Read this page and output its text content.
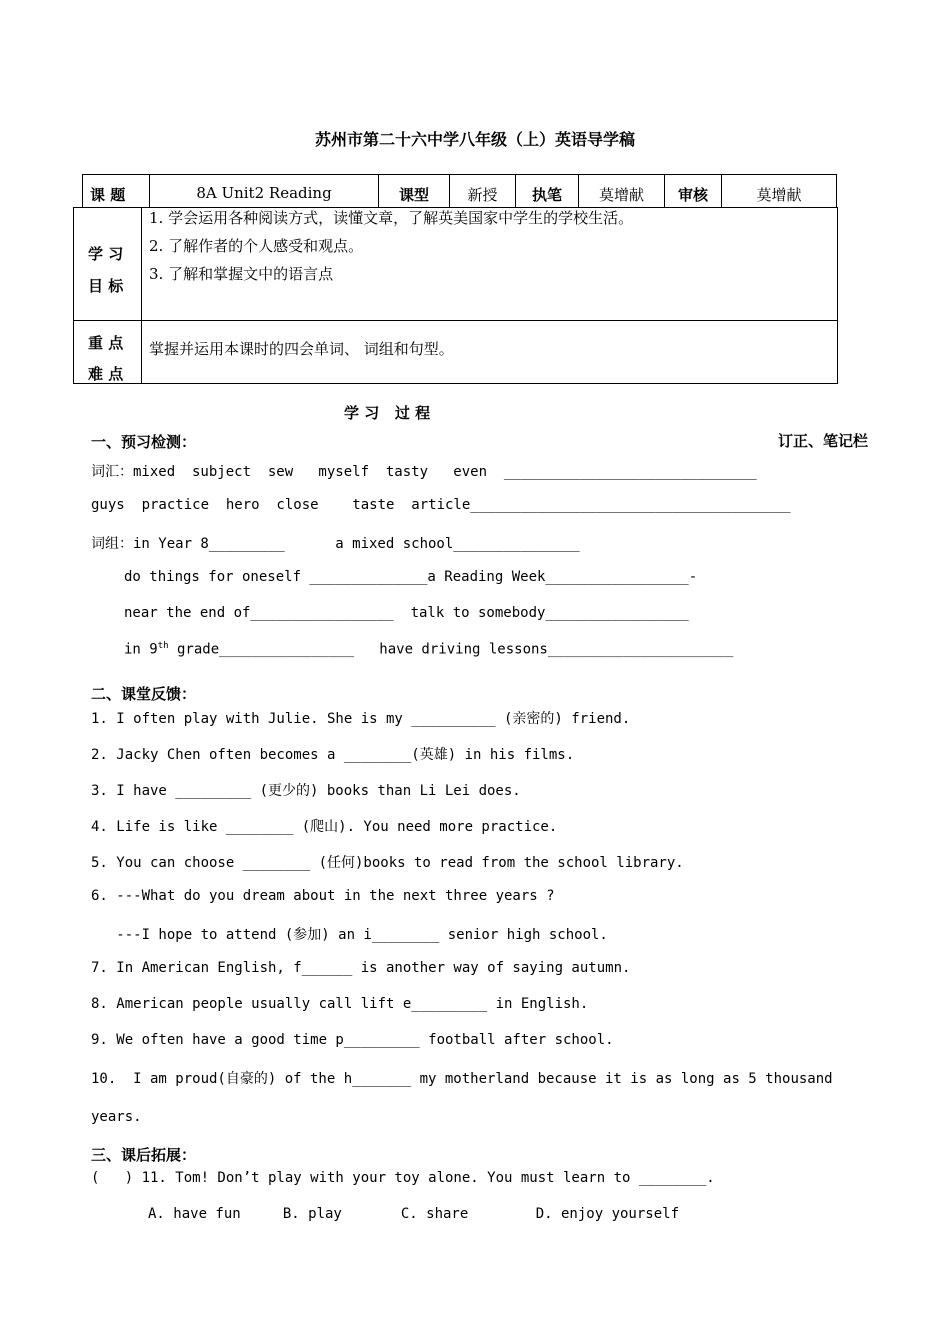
苏州市第二十六中学八年级（上）英语导学稿
课 题	8A Unit2 Reading	课型	新授	执笔	莫增献	审核	莫增献
学 习
目 标
1. 学会运用各种阅读方式，读懂文章，了解英美国家中学生的学校生活。
2. 了解作者的个人感受和观点。
3. 了解和掌握文中的语言点
重 点
难 点
掌握并运用本课时的四会单词、 词组和句型。
学 习   过 程
订正、笔记栏
一、预习检测：
词汇：mixed  subject  sew   myself  tasty   even  ______________________________
guys  practice  hero  close    taste  article______________________________________
词组：in Year 8_________      a mixed school_______________
do things for oneself ______________a Reading Week_________________-
near the end of_________________  talk to somebody_________________
in 9th grade________________   have driving lessons______________________
二、课堂反馈：
1. I often play with Julie. She is my __________ (亲密的) friend.
2. Jacky Chen often becomes a ________(英雄) in his films.
3. I have _________ (更少的) books than Li Lei does.
4. Life is like ________ (爬山). You need more practice.
5. You can choose ________ (任何)books to read from the school library.
6. ---What do you dream about in the next three years ?
---I hope to attend (参加) an i________ senior high school.
7. In American English, f______ is another way of saying autumn.
8. American people usually call lift e_________ in English.
9. We often have a good time p_________ football after school.
10.  I am proud(自豪的) of the h_______ my motherland because it is as long as 5 thousand
years.
三、课后拓展：
(   ) 11. Tom! Don’t play with your toy alone. You must learn to ________.
A. have fun     B. play       C. share        D. enjoy yourself
